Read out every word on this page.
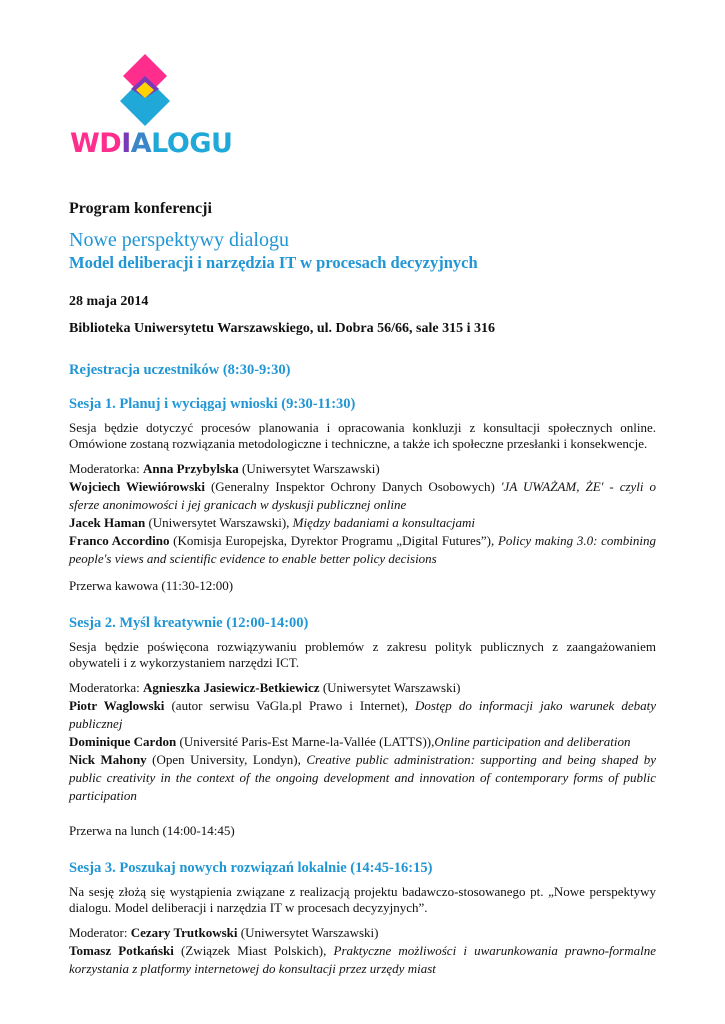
WDIALOGU

Program konferencji

Nowe perspektywy dialogu
Model deliberacji i narzędzia IT w procesach decyzyjnych

28 maja 2014

Biblioteka Uniwersytetu Warszawskiego, ul. Dobra 56/66, sale 315 i 316

Rejestracja uczestników (8:30-9:30)

Sesja 1. Planuj i wyciągaj wnioski (9:30-11:30)

Sesja będzie dotyczyć procesów planowania i opracowania konkluzji z konsultacji społecznych online. Omówione zostaną rozwiązania metodologiczne i techniczne, a także ich społeczne przesłanki i konsekwencje.

Moderatorka: Anna Przybylska (Uniwersytet Warszawski)

Wojciech Wiewiórowski (Generalny Inspektor Ochrony Danych Osobowych) 'JA UWAŻAM, ŻE' - czyli o sferze anonimowości i jej granicach w dyskusji publicznej online

Jacek Haman (Uniwersytet Warszawski), Między badaniami a konsultacjami

Franco Accordino (Komisja Europejska, Dyrektor Programu „Digital Futures”), Policy making 3.0: combining people's views and scientific evidence to enable better policy decisions

Przerwa kawowa (11:30-12:00)

Sesja 2. Myśl kreatywnie (12:00-14:00)

Sesja będzie poświęcona rozwiązywaniu problemów z zakresu polityk publicznych z zaangażowaniem obywateli i z wykorzystaniem narzędzi ICT.

Moderatorka: Agnieszka Jasiewicz-Betkiewicz (Uniwersytet Warszawski)

Piotr Waglowski (autor serwisu VaGla.pl Prawo i Internet), Dostęp do informacji jako warunek debaty publicznej

Dominique Cardon (Université Paris-Est Marne-la-Vallée (LATTS)),Online participation and deliberation

Nick Mahony (Open University, Londyn), Creative public administration: supporting and being shaped by public creativity in the context of the ongoing development and innovation of contemporary forms of public participation

Przerwa na lunch (14:00-14:45)

Sesja 3. Poszukaj nowych rozwiązań lokalnie (14:45-16:15)

Na sesję złożą się wystąpienia związane z realizacją projektu badawczo-stosowanego pt. „Nowe perspektywy dialogu. Model deliberacji i narzędzia IT w procesach decyzyjnych”.

Moderator: Cezary Trutkowski (Uniwersytet Warszawski)

Tomasz Potkański (Związek Miast Polskich), Praktyczne możliwości i uwarunkowania prawno-formalne korzystania z platformy internetowej do konsultacji przez urzędy miast
